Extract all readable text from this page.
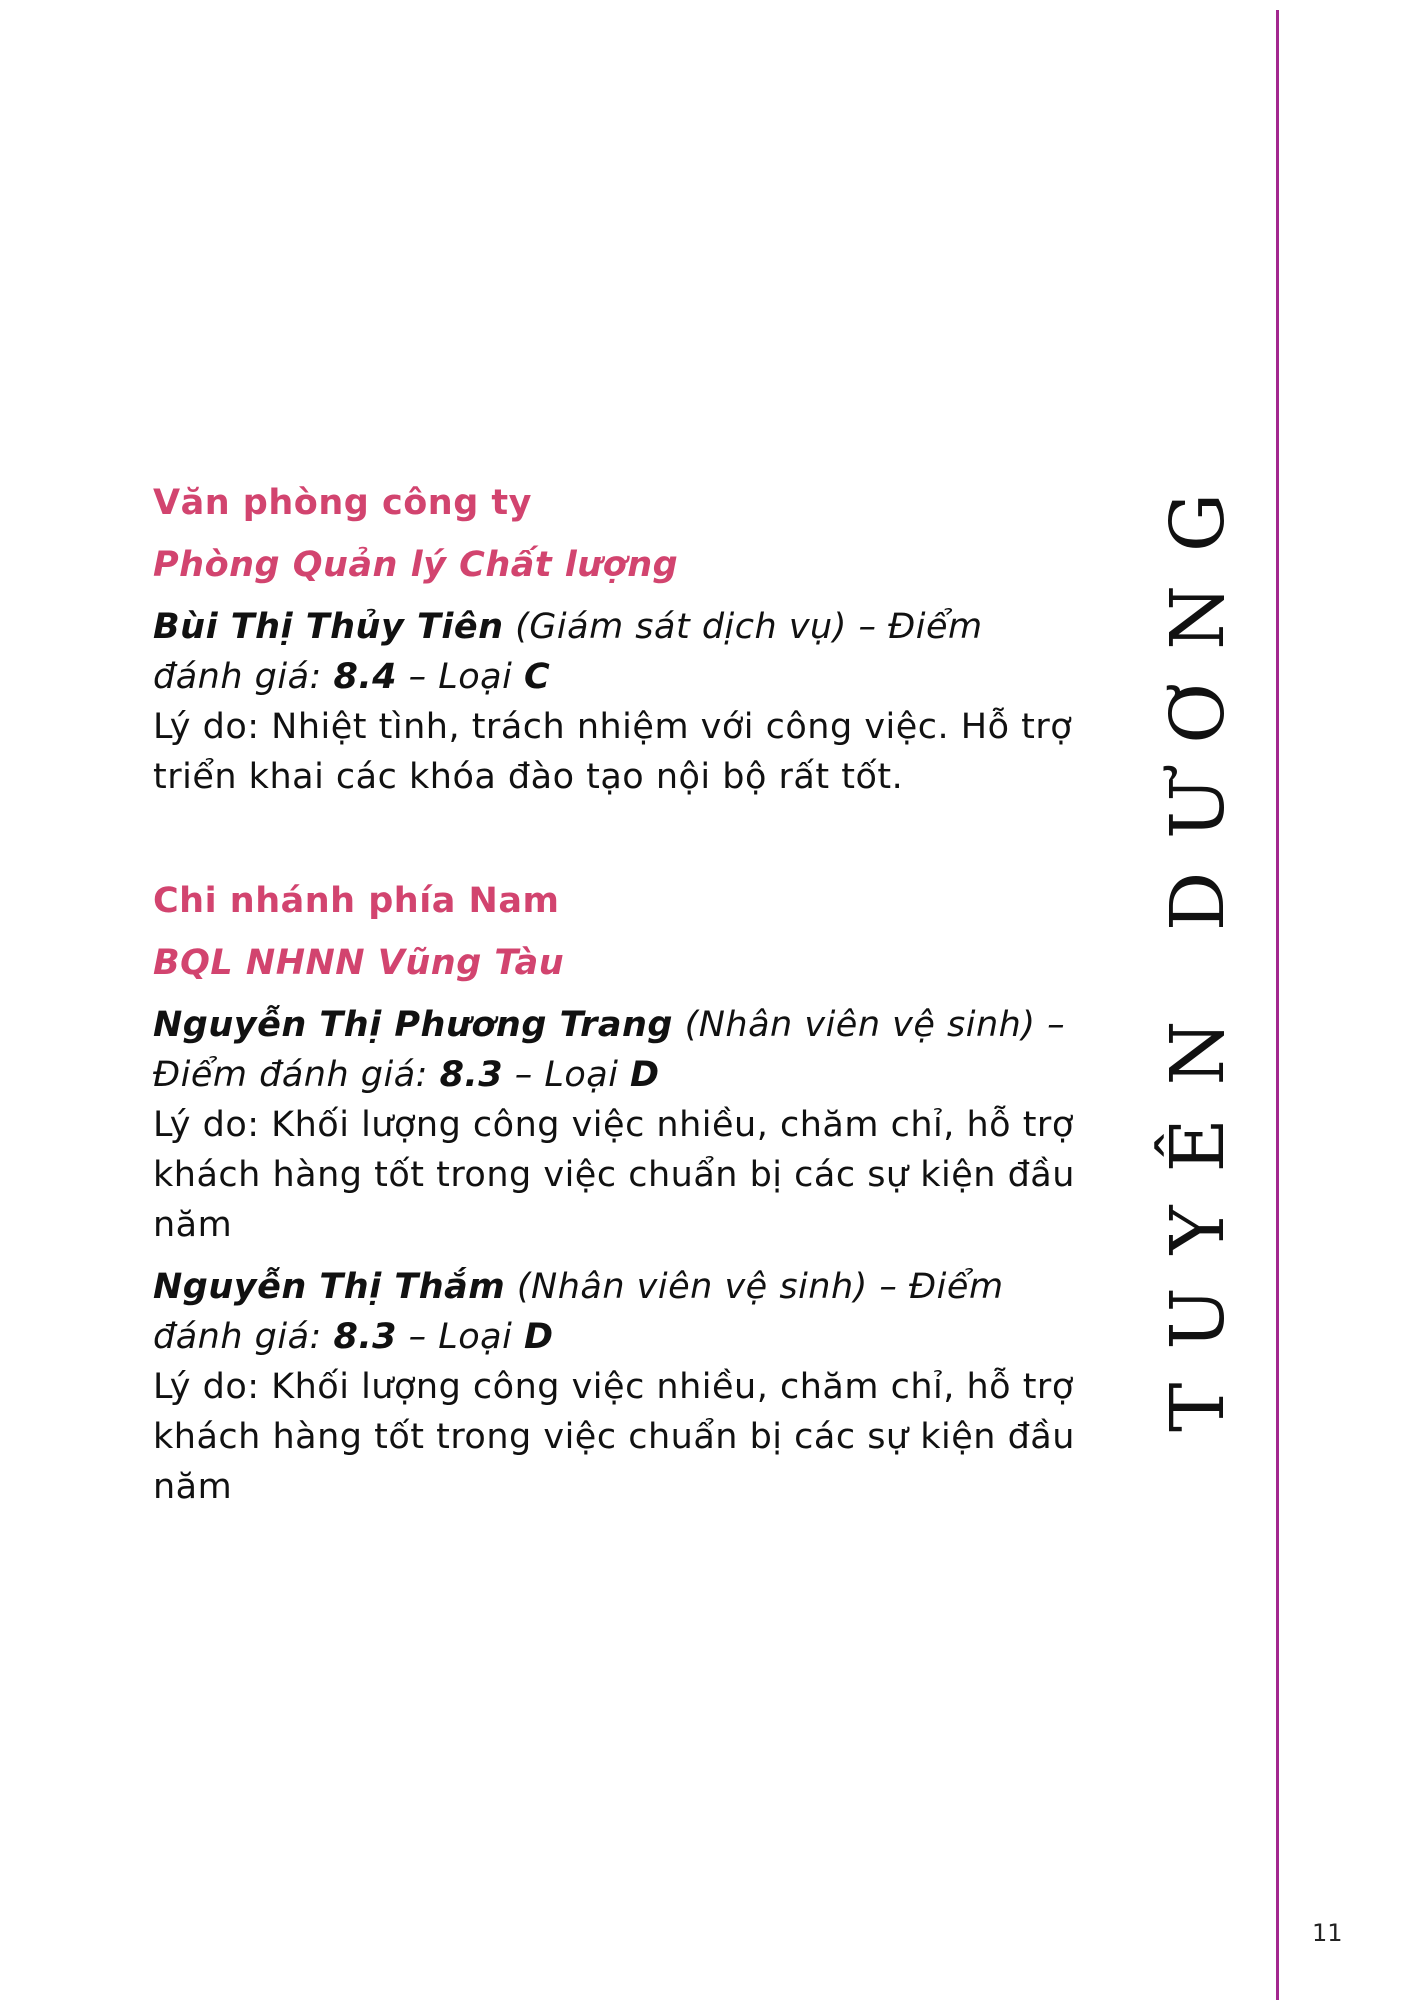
TUYÊN DƯƠNG
Văn phòng công ty
Phòng Quản lý Chất lượng

Bùi Thị Thủy Tiên (Giám sát dịch vụ) – Điểm đánh giá: 8.4 – Loại C

Lý do: Nhiệt tình, trách nhiệm với công việc. Hỗ trợ triển khai các khóa đào tạo nội bộ rất tốt.

Chi nhánh phía Nam
BQL NHNN Vũng Tàu

Nguyễn Thị Phương Trang (Nhân viên vệ sinh) – Điểm đánh giá: 8.3 – Loại D

Lý do: Khối lượng công việc nhiều, chăm chỉ, hỗ trợ khách hàng tốt trong việc chuẩn bị các sự kiện đầu năm

Nguyễn Thị Thắm (Nhân viên vệ sinh) – Điểm đánh giá: 8.3 – Loại D

Lý do: Khối lượng công việc nhiều, chăm chỉ, hỗ trợ khách hàng tốt trong việc chuẩn bị các sự kiện đầu năm

11
